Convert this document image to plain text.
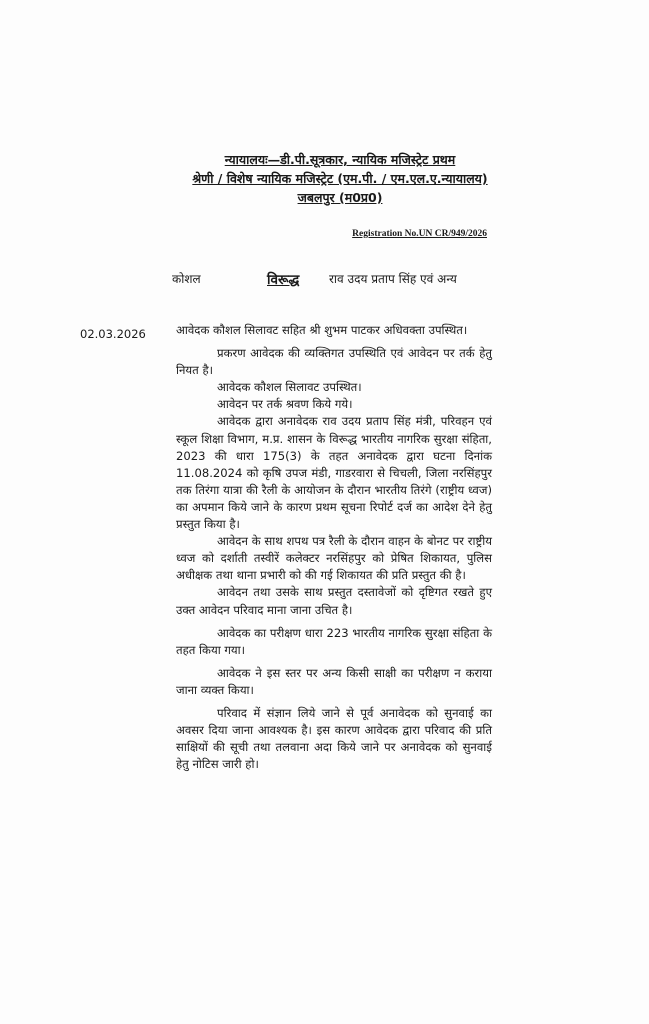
न्यायालयः—डी.पी.सूत्रकार, न्यायिक मजिस्ट्रेट प्रथम
श्रेणी / विशेष न्यायिक मजिस्ट्रेट (एम.पी. / एम.एल.ए.न्यायालय)
जबलपुर (म0प्र0)
Registration No.UN CR/949/2026
कोशल	विरूद्ध राव उदय प्रताप सिंह एवं अन्य
02.03.2026	आवेदक कौशल सिलावट सहित श्री शुभम पाटकर अधिवक्ता उपस्थित।

प्रकरण आवेदक की व्यक्तिगत उपस्थिति एवं आवेदन पर तर्क हेतु नियत है।

आवेदक कौशल सिलावट उपस्थित।

आवेदन पर तर्क श्रवण किये गये।

आवेदक द्वारा अनावेदक राव उदय प्रताप सिंह मंत्री, परिवहन एवं स्कूल शिक्षा विभाग, म.प्र. शासन के विरूद्ध भारतीय नागरिक सुरक्षा संहिता, 2023 की धारा 175(3) के तहत अनावेदक द्वारा घटना दिनांक 11.08.2024 को कृषि उपज मंडी, गाडरवारा से चिचली, जिला नरसिंहपुर तक तिरंगा यात्रा की रैली के आयोजन के दौरान भारतीय तिरंगे (राष्ट्रीय ध्वज) का अपमान किये जाने के कारण प्रथम सूचना रिपोर्ट दर्ज का आदेश देने हेतु प्रस्तुत किया है।

आवेदन के साथ शपथ पत्र रैली के दौरान वाहन के बोनट पर राष्ट्रीय ध्वज को दर्शाती तस्वीरें कलेक्टर नरसिंहपुर को प्रेषित शिकायत, पुलिस अधीक्षक तथा थाना प्रभारी को की गई शिकायत की प्रति प्रस्तुत की है।

आवेदन तथा उसके साथ प्रस्तुत दस्तावेजों को दृष्टिगत रखते हुए उक्त आवेदन परिवाद माना जाना उचित है।

आवेदक का परीक्षण धारा 223 भारतीय नागरिक सुरक्षा संहिता के तहत किया गया।

आवेदक ने इस स्तर पर अन्य किसी साक्षी का परीक्षण न कराया जाना व्यक्त किया।

परिवाद में संज्ञान लिये जाने से पूर्व अनावेदक को सुनवाई का अवसर दिया जाना आवश्यक है। इस कारण आवेदक द्वारा परिवाद की प्रति साक्षियों की सूची तथा तलवाना अदा किये जाने पर अनावेदक को सुनवाई हेतु नोटिस जारी हो।
